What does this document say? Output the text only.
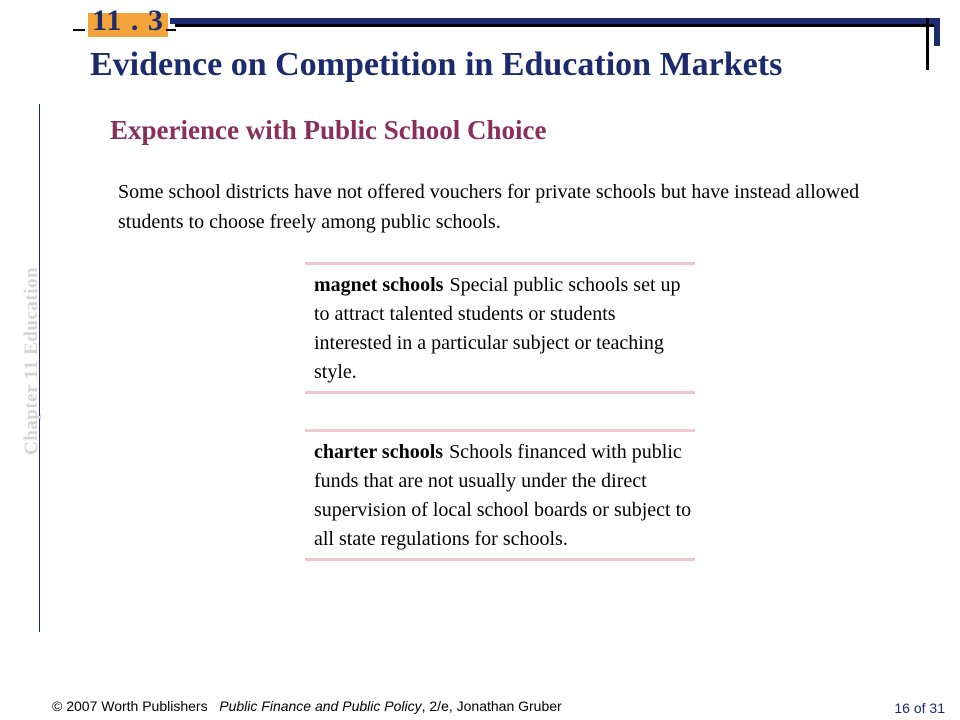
11 . 3
Evidence on Competition in Education Markets
Experience with Public School Choice
Chapter 11 Education
Some school districts have not offered vouchers for private schools but have instead allowed students to choose freely among public schools.
magnet schools Special public schools set up to attract talented students or students interested in a particular subject or teaching style.
charter schools Schools financed with public funds that are not usually under the direct supervision of local school boards or subject to all state regulations for schools.
© 2007 Worth Publishers Public Finance and Public Policy, 2/e, Jonathan Gruber	16 of 31
